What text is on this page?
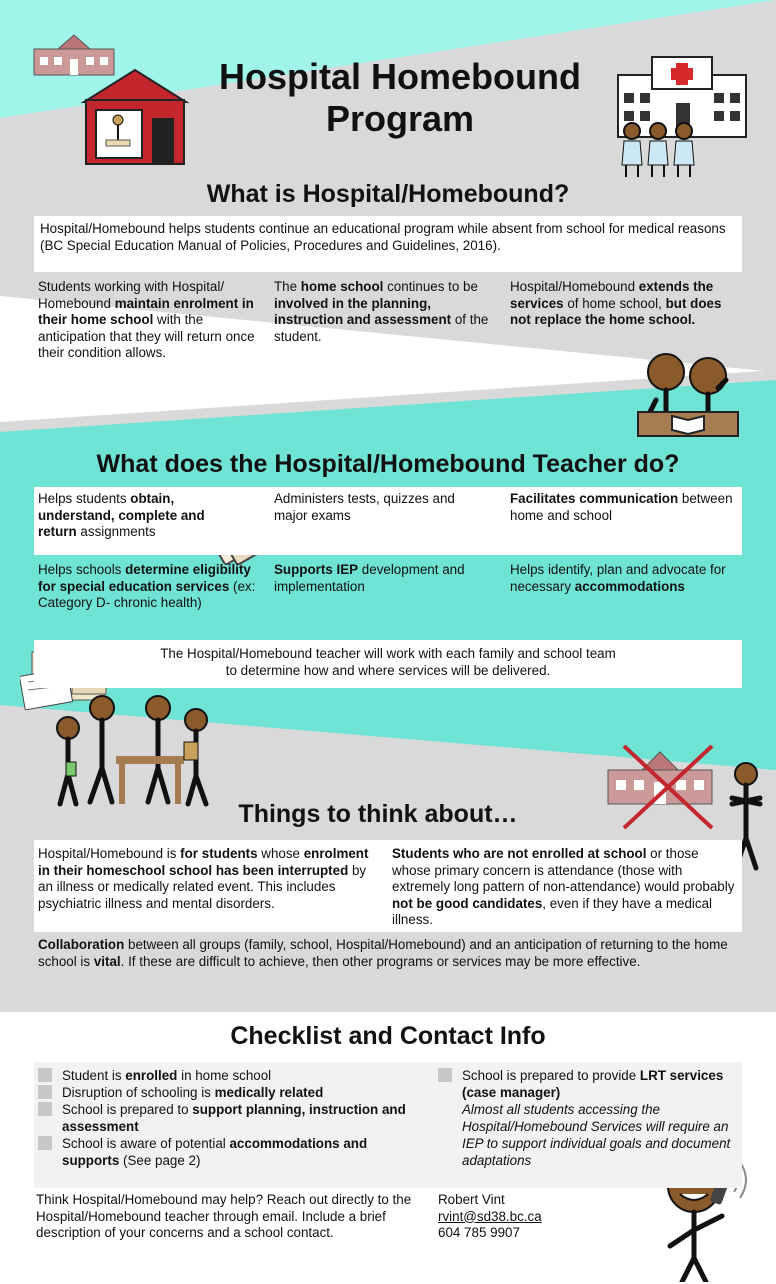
Hospital Homebound Program
What is Hospital/Homebound?
Hospital/Homebound helps students continue an educational program while absent from school for medical reasons (BC Special Education Manual of Policies, Procedures and Guidelines, 2016).
Students working with Hospital/ Homebound maintain enrolment in their home school with the anticipation that they will return once their condition allows.
The home school continues to be involved in the planning, instruction and assessment of the student.
Hospital/Homebound extends the services of home school, but does not replace the home school.
What does the Hospital/Homebound Teacher do?
Helps students obtain, understand, complete and return assignments
Administers tests, quizzes and major exams
Facilitates communication between home and school
Helps schools determine eligibility for special education services (ex: Category D- chronic health)
Supports IEP development and implementation
Helps identify, plan and advocate for necessary accommodations
The Hospital/Homebound teacher will work with each family and school team
to determine how and where services will be delivered.
Things to think about…
Hospital/Homebound is for students whose enrolment in their homeschool school has been interrupted by an illness or medically related event. This includes psychiatric illness and mental disorders.
Students who are not enrolled at school or those whose primary concern is attendance (those with extremely long pattern of non-attendance) would probably not be good candidates, even if they have a medical illness.
Collaboration between all groups (family, school, Hospital/Homebound) and an anticipation of returning to the home school is vital. If these are difficult to achieve, then other programs or services may be more effective.
Checklist and Contact Info
Student is enrolled in home school
Disruption of schooling is medically related
School is prepared to support planning, instruction and assessment
School is aware of potential accommodations and supports (See page 2)
School is prepared to provide LRT services (case manager)
Almost all students accessing the Hospital/Homebound Services will require an IEP to support individual goals and document adaptations
Think Hospital/Homebound may help? Reach out directly to the Hospital/Homebound teacher through email. Include a brief description of your concerns and a school contact.
Robert Vint
rvint@sd38.bc.ca
604 785 9907
